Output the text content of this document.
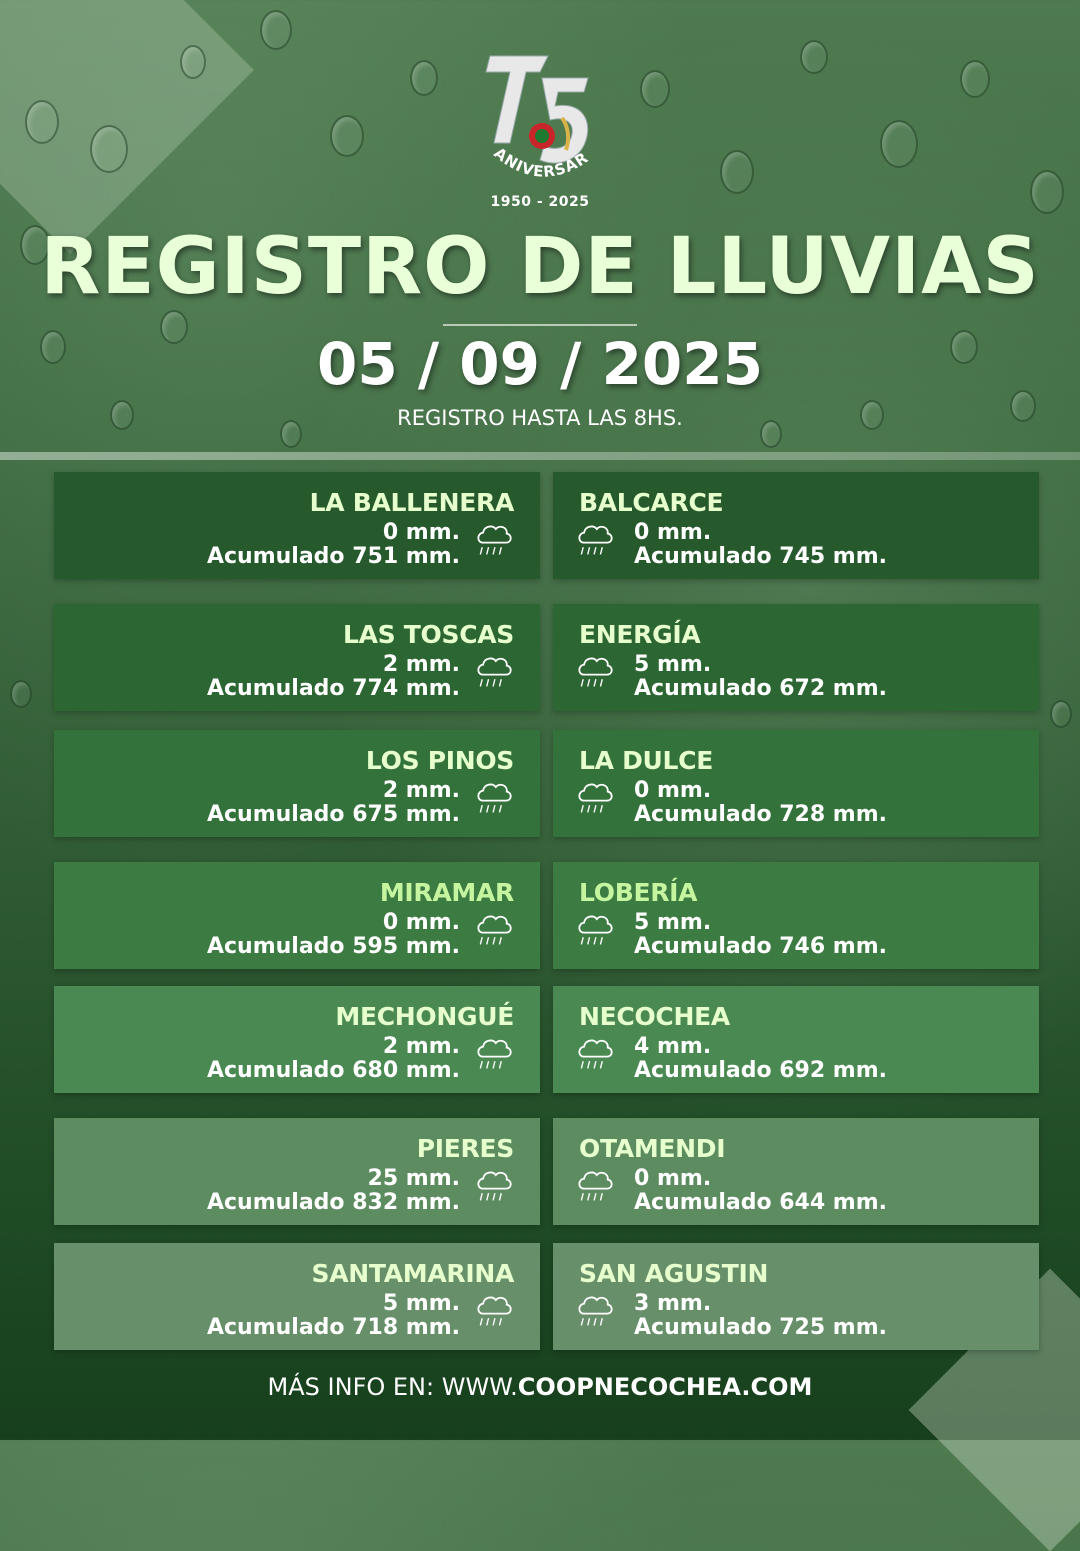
ANIVERSAR
1950 - 2025
REGISTRO DE LLUVIAS
05 / 09 / 2025
REGISTRO HASTA LAS 8HS.
LA BALLENERA
0 mm.
Acumulado 751 mm.
BALCARCE
0 mm.
Acumulado 745 mm.
LAS TOSCAS
2 mm.
Acumulado 774 mm.
ENERGÍA
5 mm.
Acumulado 672 mm.
LOS PINOS
2 mm.
Acumulado 675 mm.
LA DULCE
0 mm.
Acumulado 728 mm.
MIRAMAR
0 mm.
Acumulado 595 mm.
LOBERÍA
5 mm.
Acumulado 746 mm.
MECHONGUÉ
2 mm.
Acumulado 680 mm.
NECOCHEA
4 mm.
Acumulado 692 mm.
PIERES
25 mm.
Acumulado 832 mm.
OTAMENDI
0 mm.
Acumulado 644 mm.
SANTAMARINA
5 mm.
Acumulado 718 mm.
SAN AGUSTIN
3 mm.
Acumulado 725 mm.
MÁS INFO EN: WWW.COOPNECOCHEA.COM
